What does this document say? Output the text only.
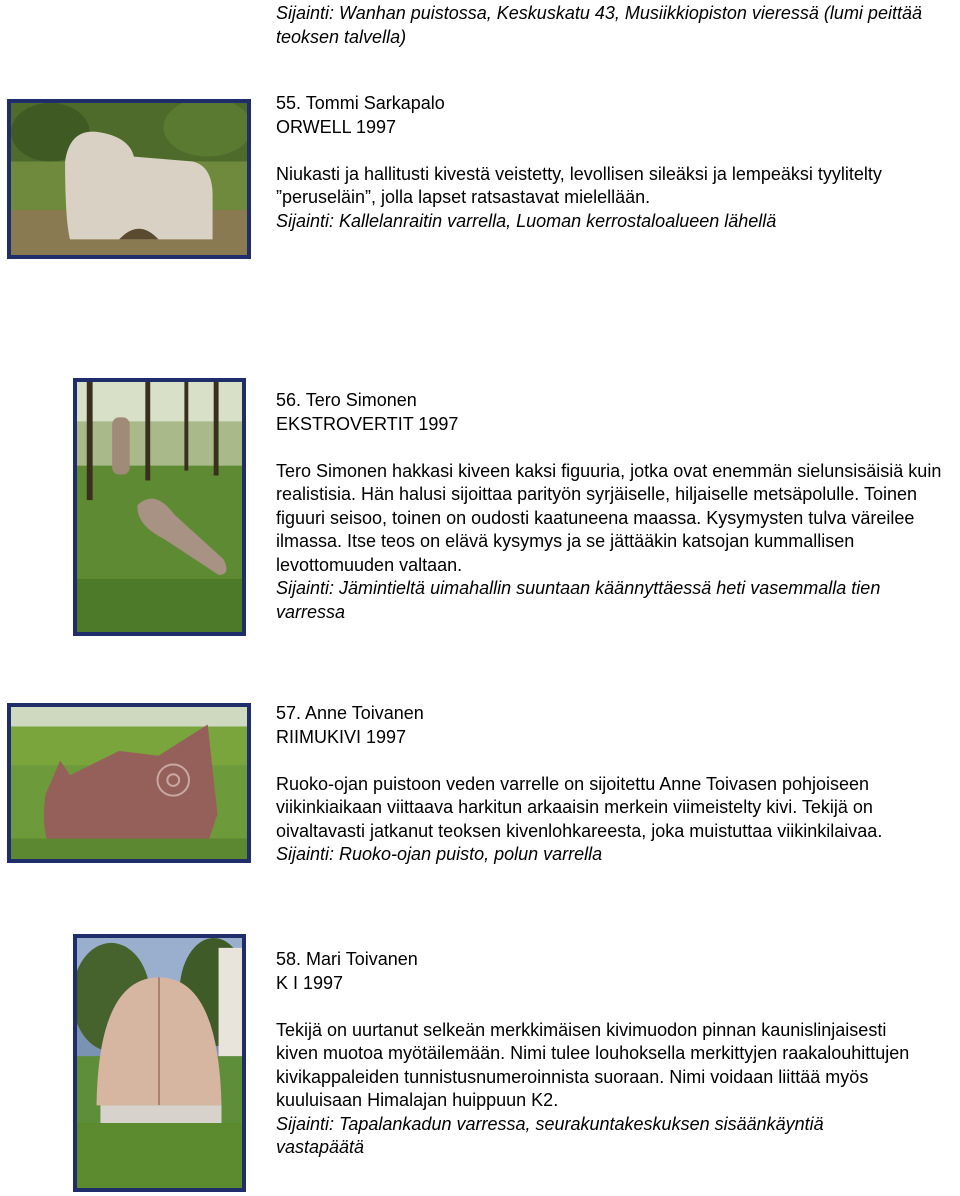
Sijainti: Wanhan puistossa, Keskuskatu 43, Musiikkiopiston vieressä (lumi peittää teoksen talvella)

55. Tommi Sarkapalo

ORWELL 1997

Niukasti ja hallitusti kivestä veistetty, levollisen sileäksi ja lempeäksi tyylitelty ”peruseläin”, jolla lapset ratsastavat mielellään.

Sijainti: Kallelanraitin varrella, Luoman kerrostaloalueen lähellä

56. Tero Simonen

EKSTROVERTIT 1997

Tero Simonen hakkasi kiveen kaksi figuuria, jotka ovat enemmän sielunsisäisiä kuin realistisia. Hän halusi sijoittaa parityön syrjäiselle, hiljaiselle metsäpolulle. Toinen figuuri seisoo, toinen on oudosti kaatuneena maassa. Kysymysten tulva väreilee ilmassa. Itse teos on elävä kysymys ja se jättääkin katsojan kummallisen levottomuuden valtaan.

Sijainti: Jämintieltä uimahallin suuntaan käännyttäessä heti vasemmalla tien varressa

57. Anne Toivanen

RIIMUKIVI 1997

Ruoko-ojan puistoon veden varrelle on sijoitettu Anne Toivasen pohjoiseen viikinkiaikaan viittaava harkitun arkaaisin merkein viimeistelty kivi. Tekijä on oivaltavasti jatkanut teoksen kivenlohkareesta, joka muistuttaa viikinkilaivaa.

Sijainti: Ruoko-ojan puisto, polun varrella

58. Mari Toivanen

K I 1997

Tekijä on uurtanut selkeän merkkimäisen kivimuodon pinnan kaunislinjaisesti kiven muotoa myötäilemään. Nimi tulee louhoksella merkittyjen raakalouhittujen kivikappaleiden tunnistusnumeroinnista suoraan. Nimi voidaan liittää myös kuuluisaan Himalajan huippuun K2.

Sijainti: Tapalankadun varressa, seurakuntakeskuksen sisäänkäyntiä vastapäätä
